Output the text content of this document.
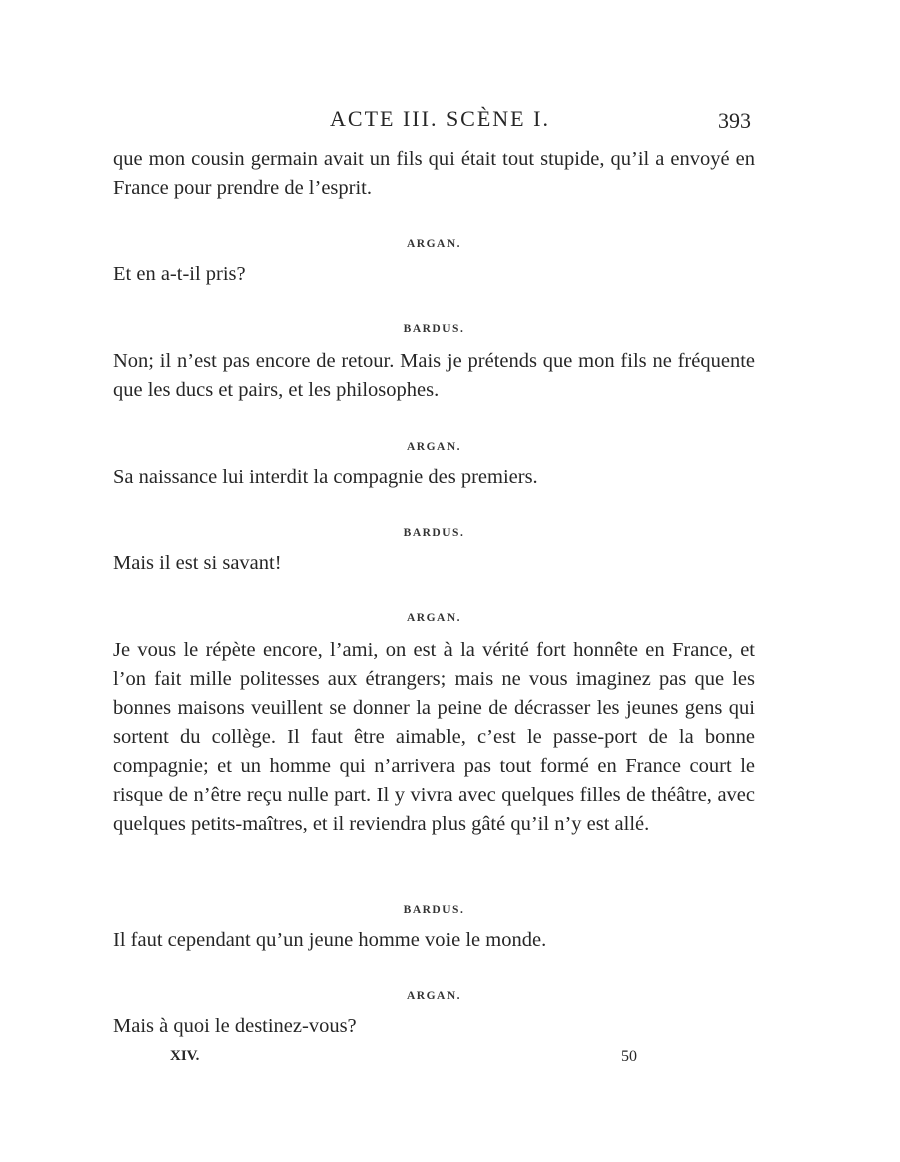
ACTE III. SCÈNE I.	393

que mon cousin germain avait un fils qui était tout stupide, qu’il a envoyé en France pour prendre de l’esprit.

ARGAN.

Et en a-t-il pris?

BARDUS.

Non; il n’est pas encore de retour. Mais je prétends que mon fils ne fréquente que les ducs et pairs, et les philosophes.

ARGAN.

Sa naissance lui interdit la compagnie des premiers.

BARDUS.

Mais il est si savant!

ARGAN.

Je vous le répète encore, l’ami, on est à la vérité fort honnête en France, et l’on fait mille politesses aux étrangers; mais ne vous imaginez pas que les bonnes maisons veuillent se donner la peine de décrasser les jeunes gens qui sortent du collège. Il faut être aimable, c’est le passe-port de la bonne compagnie; et un homme qui n’arrivera pas tout formé en France court le risque de n’être reçu nulle part. Il y vivra avec quelques filles de théâtre, avec quelques petits-maîtres, et il reviendra plus gâté qu’il n’y est allé.

BARDUS.

Il faut cependant qu’un jeune homme voie le monde.

ARGAN.

Mais à quoi le destinez-vous?

XIV.	50
